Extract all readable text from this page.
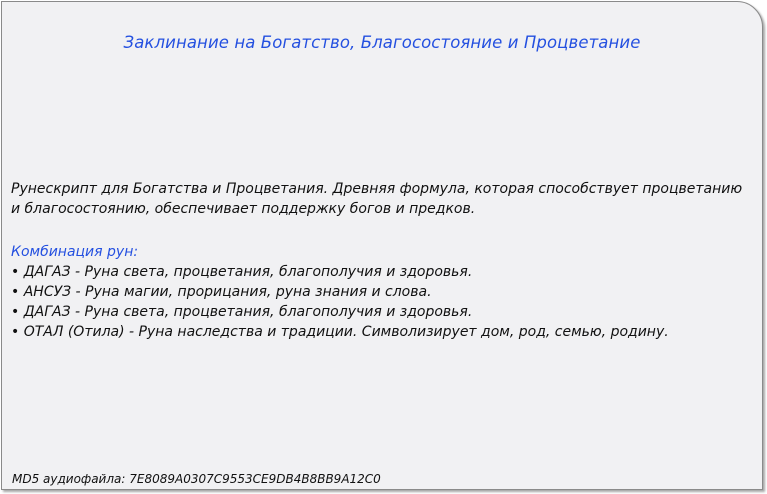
Заклинание на Богатство, Благосостояние и Процветание
Рунескрипт для Богатства и Процветания. Древняя формула, которая способствует процветанию и благосостоянию, обеспечивает поддержку богов и предков.
Комбинация рун:
• ДАГАЗ - Руна света, процветания, благополучия и здоровья.
• АНСУЗ - Руна магии, прорицания, руна знания и слова.
• ДАГАЗ - Руна света, процветания, благополучия и здоровья.
• ОТАЛ (Отила) - Руна наследства и традиции. Символизирует дом, род, семью, родину.
MD5 аудиофайла: 7E8089A0307C9553CE9DB4B8BB9A12C0
